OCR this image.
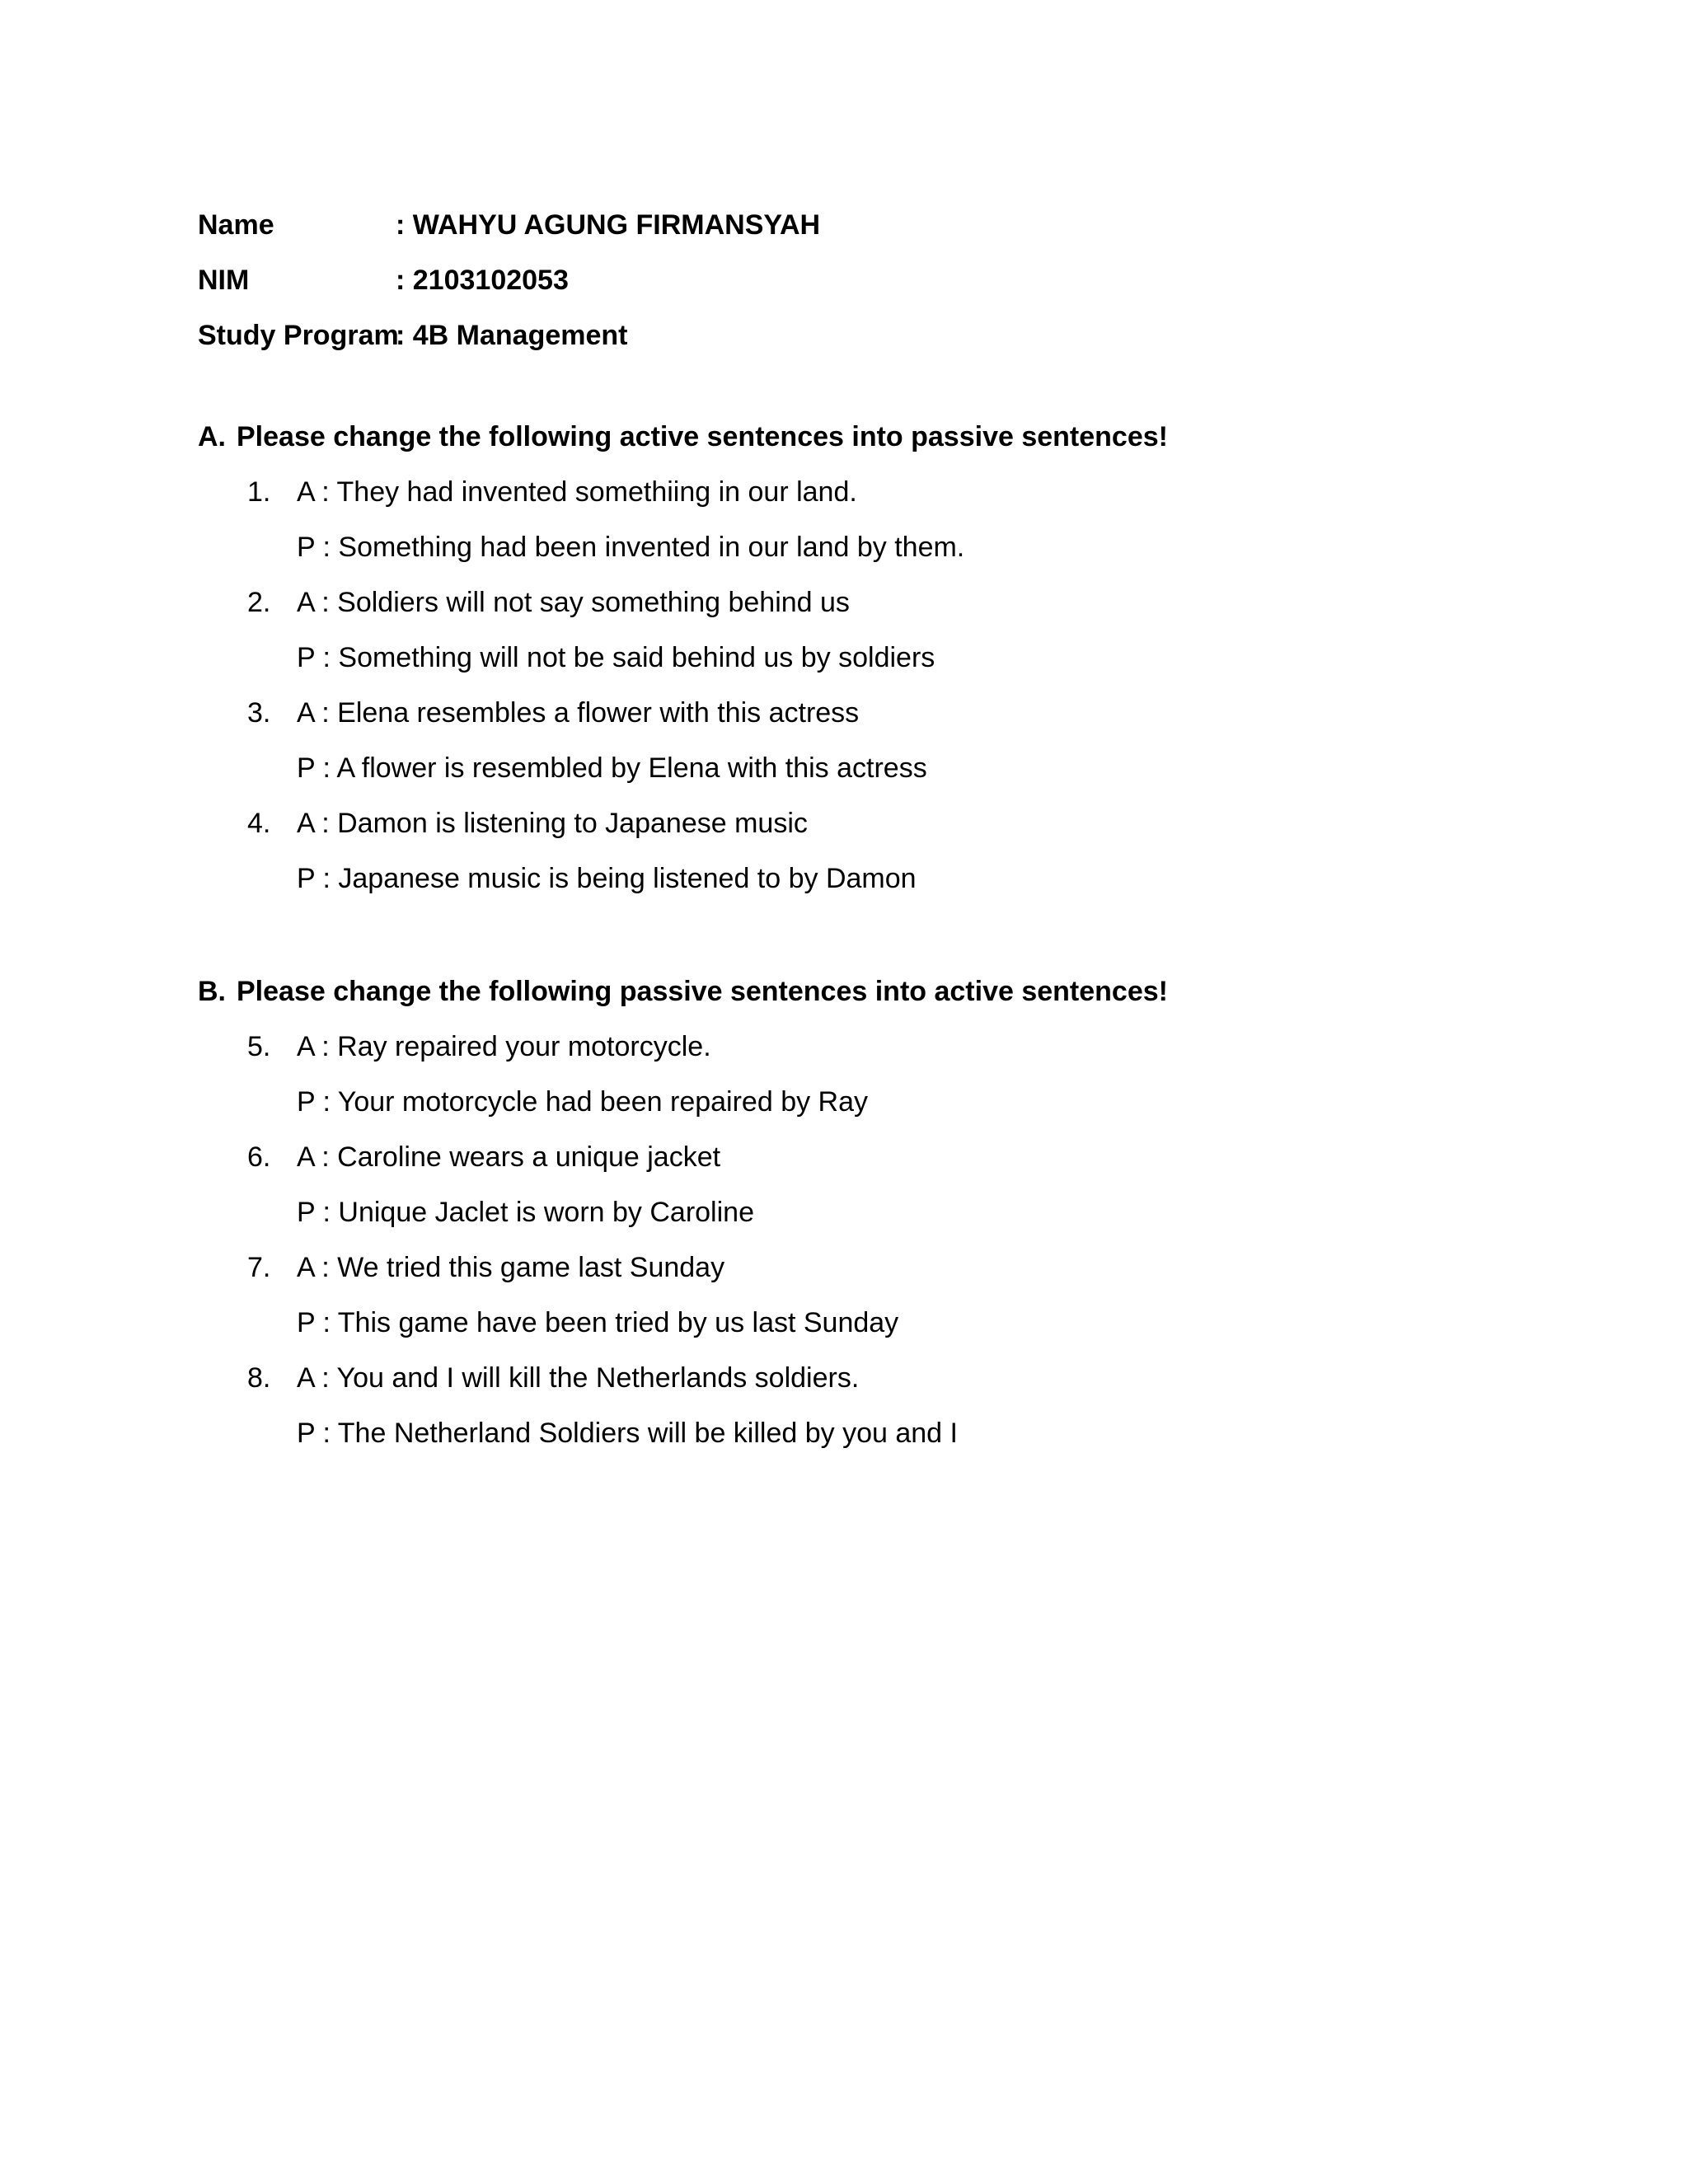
Name	: WAHYU AGUNG FIRMANSYAH
NIM	: 2103102053
Study Program
: 4B Management
A. Please change the following active sentences into passive sentences!
1. A : They had invented somethiing in our land.
P : Something had been invented in our land by them.
2. A : Soldiers will not say something behind us
P : Something will not be said behind us by soldiers
3. A : Elena resembles a flower with this actress
P : A flower is resembled by Elena with this actress
4. A : Damon is listening to Japanese music
P : Japanese music is being listened to by Damon
B. Please change the following passive sentences into active sentences!
5. A : Ray repaired your motorcycle.
P : Your motorcycle had been repaired by Ray
6. A : Caroline wears a unique jacket
P : Unique Jaclet is worn by Caroline
7. A : We tried this game last Sunday
P : This game have been tried by us last Sunday
8. A : You and I will kill the Netherlands soldiers.
P : The Netherland Soldiers will be killed by you and I
